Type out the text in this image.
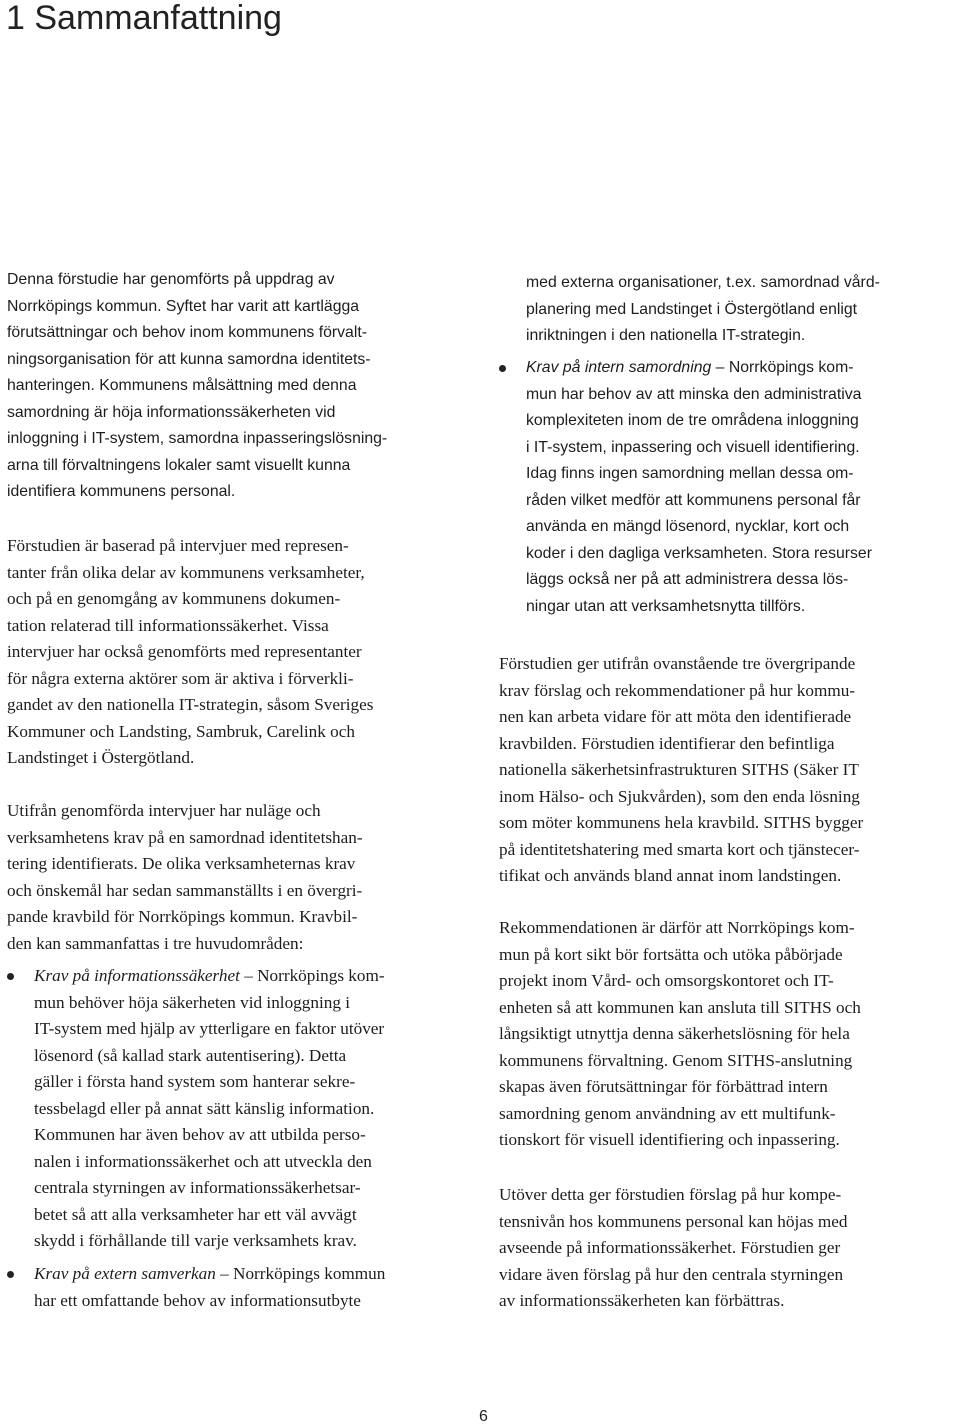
1 Sammanfattning
Denna förstudie har genomförts på uppdrag av
Norrköpings kommun. Syftet har varit att kartlägga
förutsättningar och behov inom kommunens förvalt-
ningsorganisation för att kunna samordna identitets-
hanteringen. Kommunens målsättning med denna
samordning är höja informationssäkerheten vid
inloggning i IT-system, samordna inpasseringslösning-
arna till förvaltningens lokaler samt visuellt kunna
identifiera kommunens personal.
Förstudien är baserad på intervjuer med represen-
tanter från olika delar av kommunens verksamheter,
och på en genomgång av kommunens dokumen-
tation relaterad till informationssäkerhet. Vissa
intervjuer har också genomförts med representanter
för några externa aktörer som är aktiva i förverkli-
gandet av den nationella IT-strategin, såsom Sveriges
Kommuner och Landsting, Sambruk, Carelink och
Landstinget i Östergötland.
Utifrån genomförda intervjuer har nuläge och
verksamhetens krav på en samordnad identitetshan-
tering identifierats. De olika verksamheternas krav
och önskemål har sedan sammanställts i en övergri-
pande kravbild för Norrköpings kommun. Kravbil-
den kan sammanfattas i tre huvudområden:
Krav på informationssäkerhet – Norrköpings kom-
mun behöver höja säkerheten vid inloggning i
IT-system med hjälp av ytterligare en faktor utöver
lösenord (så kallad stark autentisering). Detta
gäller i första hand system som hanterar sekre-
tessbelagd eller på annat sätt känslig information.
Kommunen har även behov av att utbilda perso-
nalen i informationssäkerhet och att utveckla den
centrala styrningen av informationssäkerhetsar-
betet så att alla verksamheter har ett väl avvägt
skydd i förhållande till varje verksamhets krav.
Krav på extern samverkan – Norrköpings kommun
har ett omfattande behov av informationsutbyte
med externa organisationer, t.ex. samordnad vård-
planering med Landstinget i Östergötland enligt
inriktningen i den nationella IT-strategin.
Krav på intern samordning – Norrköpings kom-
mun har behov av att minska den administrativa
komplexiteten inom de tre områdena inloggning
i IT-system, inpassering och visuell identifiering.
Idag finns ingen samordning mellan dessa om-
råden vilket medför att kommunens personal får
använda en mängd lösenord, nycklar, kort och
koder i den dagliga verksamheten. Stora resurser
läggs också ner på att administrera dessa lös-
ningar utan att verksamhetsnytta tillförs.
Förstudien ger utifrån ovanstående tre övergripande
krav förslag och rekommendationer på hur kommu-
nen kan arbeta vidare för att möta den identifierade
kravbilden. Förstudien identifierar den befintliga
nationella säkerhetsinfrastrukturen SITHS (Säker IT
inom Hälso- och Sjukvården), som den enda lösning
som möter kommunens hela kravbild. SITHS bygger
på identitetshatering med smarta kort och tjänstecer-
tifikat och används bland annat inom landstingen.
Rekommendationen är därför att Norrköpings kom-
mun på kort sikt bör fortsätta och utöka påbörjade
projekt inom Vård- och omsorgskontoret och IT-
enheten så att kommunen kan ansluta till SITHS och
långsiktigt utnyttja denna säkerhetslösning för hela
kommunens förvaltning. Genom SITHS-anslutning
skapas även förutsättningar för förbättrad intern
samordning genom användning av ett multifunk-
tionskort för visuell identifiering och inpassering.
Utöver detta ger förstudien förslag på hur kompe-
tensnivån hos kommunens personal kan höjas med
avseende på informationssäkerhet. Förstudien ger
vidare även förslag på hur den centrala styrningen
av informationssäkerheten kan förbättras.
6
